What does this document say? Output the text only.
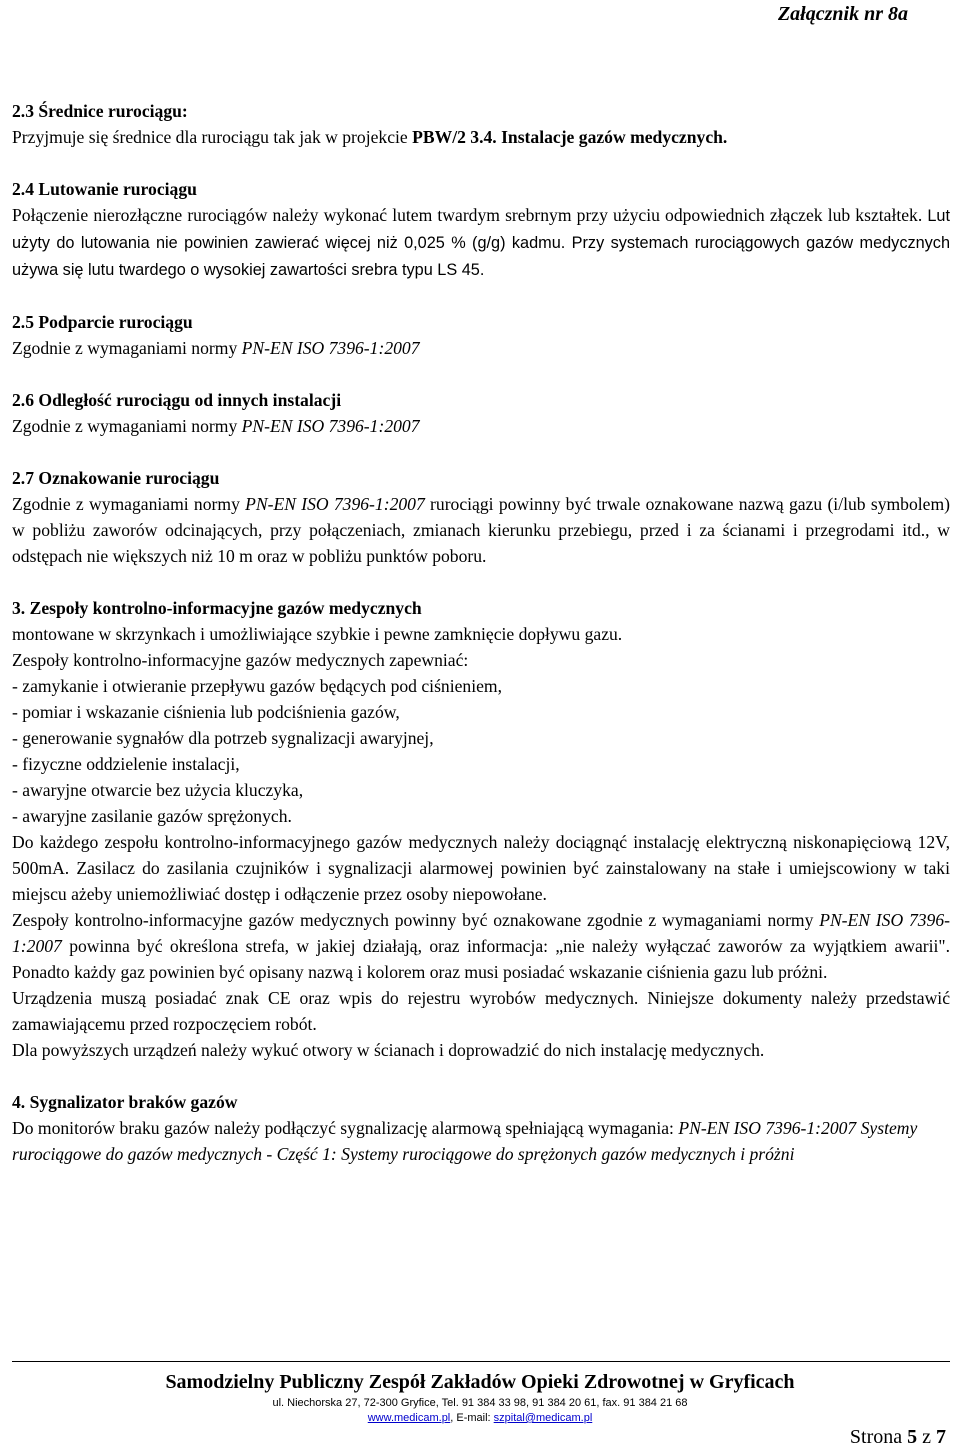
Załącznik nr 8a

2.3 Średnice rurociągu:

Przyjmuje się średnice dla rurociągu tak jak w projekcie PBW/2 3.4. Instalacje gazów medycznych.

2.4 Lutowanie rurociągu

Połączenie nierozłączne rurociągów należy wykonać lutem twardym srebrnym przy użyciu odpowiednich złączek lub kształtek. Lut użyty do lutowania nie powinien zawierać więcej niż 0,025 % (g/g) kadmu. Przy systemach rurociągowych gazów medycznych używa się lutu twardego o wysokiej zawartości srebra typu LS 45.

2.5 Podparcie rurociągu

Zgodnie z wymaganiami normy PN-EN ISO 7396-1:2007

2.6 Odległość rurociągu od innych instalacji

Zgodnie z wymaganiami normy PN-EN ISO 7396-1:2007

2.7 Oznakowanie rurociągu

Zgodnie z wymaganiami normy PN-EN ISO 7396-1:2007 rurociągi powinny być trwale oznakowane nazwą gazu (i/lub symbolem) w pobliżu zaworów odcinających, przy połączeniach, zmianach kierunku przebiegu, przed i za ścianami i przegrodami itd., w odstępach nie większych niż 10 m oraz w pobliżu punktów poboru.

3. Zespoły kontrolno-informacyjne gazów medycznych

montowane w skrzynkach i umożliwiające szybkie i pewne zamknięcie dopływu gazu.

Zespoły kontrolno-informacyjne gazów medycznych zapewniać:

- zamykanie i otwieranie przepływu gazów będących pod ciśnieniem,

- pomiar i wskazanie ciśnienia lub podciśnienia gazów,

- generowanie sygnałów dla potrzeb sygnalizacji awaryjnej,

- fizyczne oddzielenie instalacji,

- awaryjne otwarcie bez użycia kluczyka,

- awaryjne zasilanie gazów sprężonych.

Do każdego zespołu kontrolno-informacyjnego gazów medycznych należy dociągnąć instalację elektryczną niskonapięciową 12V, 500mA. Zasilacz do zasilania czujników i sygnalizacji alarmowej powinien być zainstalowany na stałe i umiejscowiony w taki miejscu ażeby uniemożliwiać dostęp i odłączenie przez osoby niepowołane.

Zespoły kontrolno-informacyjne gazów medycznych powinny być oznakowane zgodnie z wymaganiami normy PN-EN ISO 7396-1:2007 powinna być określona strefa, w jakiej działają, oraz informacja: „nie należy wyłączać zaworów za wyjątkiem awarii". Ponadto każdy gaz powinien być opisany nazwą i kolorem oraz musi posiadać wskazanie ciśnienia gazu lub próżni.

Urządzenia muszą posiadać znak CE oraz wpis do rejestru wyrobów medycznych. Niniejsze dokumenty należy przedstawić zamawiającemu przed rozpoczęciem robót.

Dla powyższych urządzeń należy wykuć otwory w ścianach i doprowadzić do nich instalację medycznych.

4. Sygnalizator braków gazów

Do monitorów braku gazów należy podłączyć sygnalizację alarmową spełniającą wymagania: PN-EN ISO 7396-1:2007 Systemy rurociągowe do gazów medycznych - Część 1: Systemy rurociągowe do sprężonych gazów medycznych i próżni

Samodzielny Publiczny Zespół Zakładów Opieki Zdrowotnej w Gryficach
ul. Niechorska 27, 72-300 Gryfice, Tel. 91 384 33 98, 91 384 20 61, fax. 91 384 21 68
www.medicam.pl, E-mail: szpital@medicam.pl
Strona 5 z 7
